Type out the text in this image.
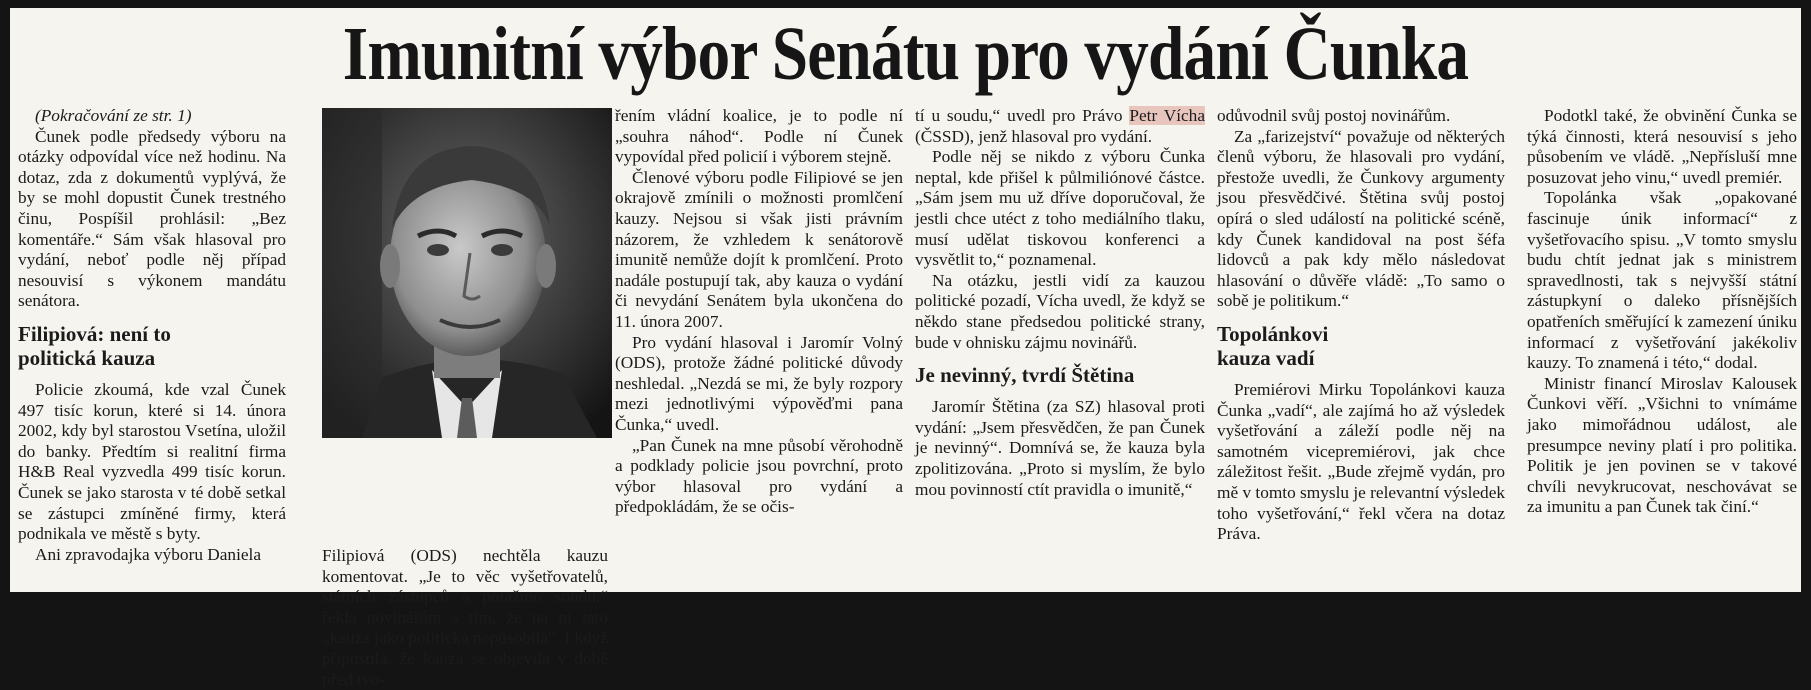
Imunitní výbor Senátu pro vydání Čunka

(Pokračování ze str. 1)

Čunek podle předsedy výboru na otázky odpovídal více než hodinu. Na dotaz, zda z dokumentů vyplývá, že by se mohl dopustit Čunek trestného činu, Pospíšil prohlásil: „Bez komentáře.“ Sám však hlasoval pro vydání, neboť podle něj případ nesouvisí s výkonem mandátu senátora.

Filipiová: není to
politická kauza

Policie zkoumá, kde vzal Čunek 497 tisíc korun, které si 14. února 2002, kdy byl starostou Vsetína, uložil do banky. Předtím si realitní firma H&B Real vyzvedla 499 tisíc korun. Čunek se jako starosta v té době setkal se zástupci zmíněné firmy, která podnikala ve městě s byty.

Ani zpravodajka výboru Daniela	Filipiová (ODS) nechtěla kauzu komentovat. „Je to věc vyšetřovatelů, státních zástupců a potažmo soudu,“ řekla novinářům s tím, že na ní tato „kauza jako politická nepůsobila“. I když připustila, že kauza se objevila v době před tvo-

řením vládní koalice, je to podle ní „souhra náhod“. Podle ní Čunek vypovídal před policií i výborem stejně.

Členové výboru podle Filipiové se jen okrajově zmínili o možnosti promlčení kauzy. Nejsou si však jisti právním názorem, že vzhledem k senátorově imunitě nemůže dojít k promlčení. Proto nadále postupují tak, aby kauza o vydání či nevydání Senátem byla ukončena do 11. února 2007.

Pro vydání hlasoval i Jaromír Volný (ODS), protože žádné politické důvody neshledal. „Nezdá se mi, že byly rozpory mezi jednotlivými výpověďmi pana Čunka,“ uvedl.

„Pan Čunek na mne působí věrohodně a podklady policie jsou povrchní, proto výbor hlasoval pro vydání a předpokládám, že se očis-

tí u soudu,“ uvedl pro Právo Petr Vícha (ČSSD), jenž hlasoval pro vydání.

Podle něj se nikdo z výboru Čunka neptal, kde přišel k půlmiliónové částce. „Sám jsem mu už dříve doporučoval, že jestli chce utéct z toho mediálního tlaku, musí udělat tiskovou konferenci a vysvětlit to,“ poznamenal.

Na otázku, jestli vidí za kauzou politické pozadí, Vícha uvedl, že když se někdo stane předsedou politické strany, bude v ohnisku zájmu novinářů.

Je nevinný, tvrdí Štětina

Jaromír Štětina (za SZ) hlasoval proti vydání: „Jsem přesvědčen, že pan Čunek je nevinný“. Domnívá se, že kauza byla zpolitizována. „Proto si myslím, že bylo mou povinností ctít pravidla o imunitě,“

odůvodnil svůj postoj novinářům.

Za „farizejství“ považuje od některých členů výboru, že hlasovali pro vydání, přestože uvedli, že Čunkovy argumenty jsou přesvědčivé. Štětina svůj postoj opírá o sled událostí na politické scéně, kdy Čunek kandidoval na post šéfa lidovců a pak kdy mělo následovat hlasování o důvěře vládě: „To samo o sobě je politikum.“

Topolánkovi
kauza vadí

Premiérovi Mirku Topolánkovi kauza Čunka „vadí“, ale zajímá ho až výsledek vyšetřování a záleží podle něj na samotném vicepremiérovi, jak chce záležitost řešit. „Bude zřejmě vydán, pro mě v tomto smyslu je relevantní výsledek toho vyšetřování,“ řekl včera na dotaz Práva.

Podotkl také, že obvinění Čunka se týká činnosti, která nesouvisí s jeho působením ve vládě. „Nepřísluší mne posuzovat jeho vinu,“ uvedl premiér.

Topolánka však „opakované fascinuje únik informací“ z vyšetřovacího spisu. „V tomto smyslu budu chtít jednat jak s ministrem spravedlnosti, tak s nejvyšší státní zástupkyní o daleko přísnějších opatřeních směřující k zamezení úniku informací z vyšetřování jakékoliv kauzy. To znamená i této,“ dodal.

Ministr financí Miroslav Kalousek Čunkovi věří. „Všichni to vnímáme jako mimořádnou událost, ale presumpce neviny platí i pro politika. Politik je jen povinen se v takové chvíli nevykrucovat, neschovávat se za imunitu a pan Čunek tak činí.“
